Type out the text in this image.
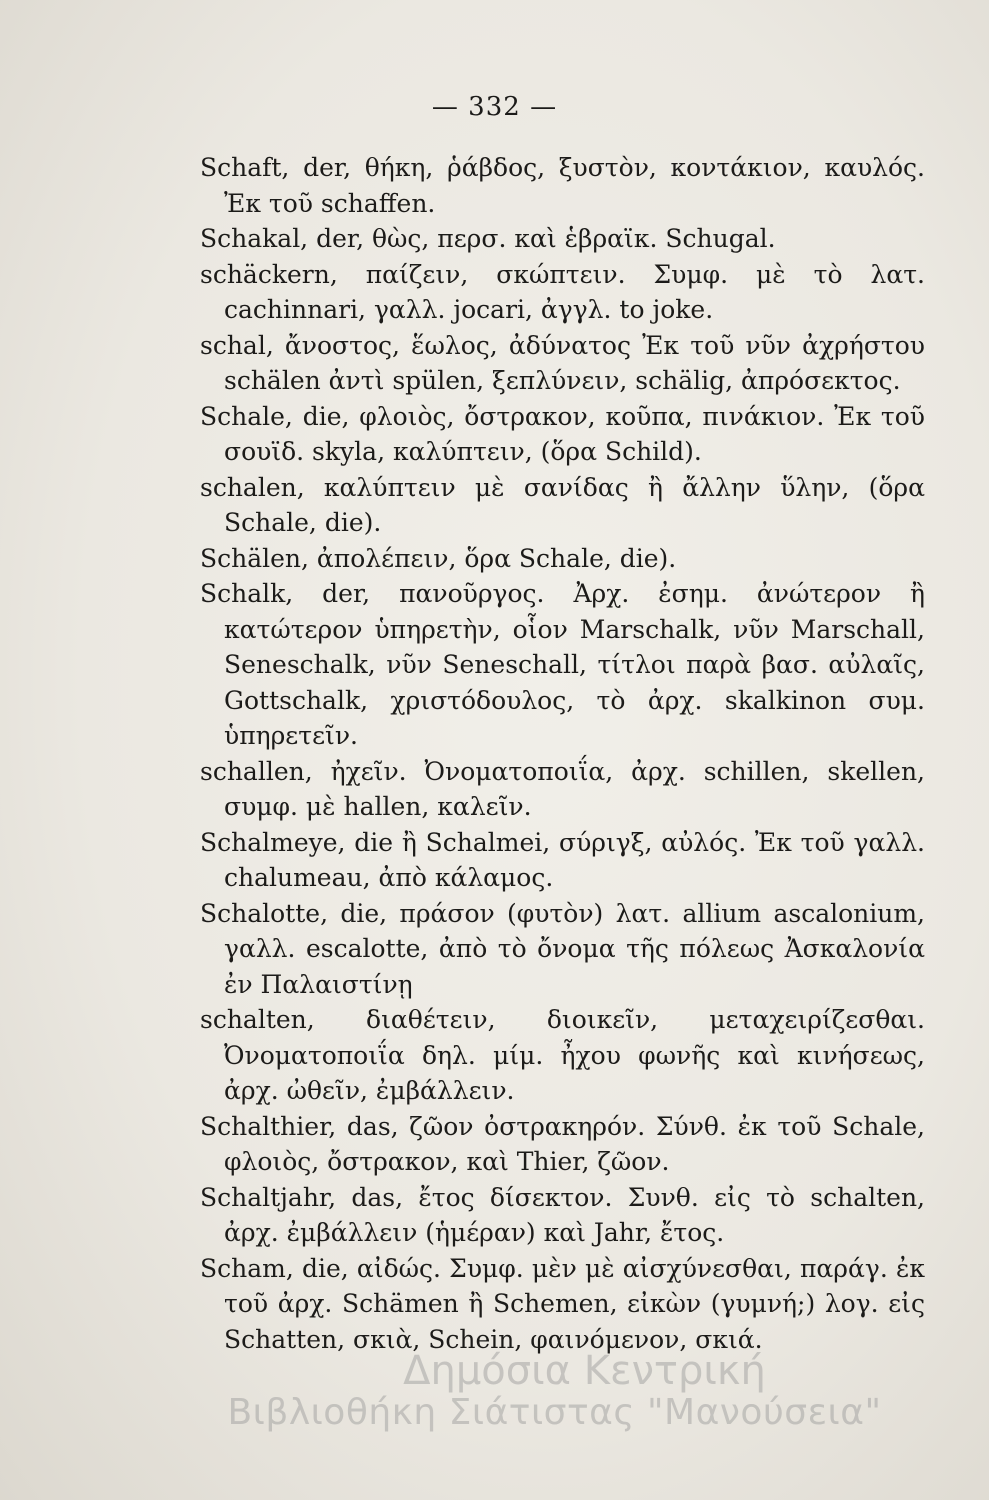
— 332 —

Schaft, der, θήκη, ῥάβδος, ξυστὸν, κοντάκιον, καυλός. Ἐκ τοῦ schaffen.

Schakal, der, θὼς, περσ. καὶ ἑβραϊκ. Schugal.

schäckern, παίζειν, σκώπτειν. Συμφ. μὲ τὸ λατ. cachinnari, γαλλ. jocari, ἀγγλ. to joke.

schal, ἄνοστος, ἕωλος, ἀδύνατος Ἐκ τοῦ νῦν ἀχρήστου schälen ἀντὶ spülen, ξεπλύνειν, schälig, ἀπρόσεκτος.

Schale, die, φλοιὸς, ὄστρακον, κοῦπα, πινάκιον. Ἐκ τοῦ σουϊδ. skyla, καλύπτειν, (ὅρα Schild).

schalen, καλύπτειν μὲ σανίδας ἢ ἄλλην ὕλην, (ὅρα Schale, die).

Schälen, ἀπολέπειν, ὅρα Schale, die).

Schalk, der, πανοῦργος. Ἀρχ. ἐσημ. ἀνώτερον ἢ κατώτερον ὑπηρετὴν, οἷον Marschalk, νῦν Marschall, Seneschalk, νῦν Seneschall, τίτλοι παρὰ βασ. αὐλαῖς, Gottschalk, χριστόδουλος, τὸ ἀρχ. skalkinon συμ. ὑπηρετεῖν.

schallen, ἠχεῖν. Ὀνοματοποιΐα, ἀρχ. schillen, skellen, συμφ. μὲ hallen, καλεῖν.

Schalmeye, die ἢ Schalmei, σύριγξ, αὐλός. Ἐκ τοῦ γαλλ. chalumeau, ἀπὸ κάλαμος.

Schalotte, die, πράσον (φυτὸν) λατ. allium ascalonium, γαλλ. escalotte, ἀπὸ τὸ ὄνομα τῆς πόλεως Ἀσκαλονία ἐν Παλαιστίνῃ

schalten, διαθέτειν, διοικεῖν, μεταχειρίζεσθαι. Ὀνοματοποιΐα δηλ. μίμ. ἦχου φωνῆς καὶ κινήσεως, ἀρχ. ὠθεῖν, ἐμβάλλειν.

Schalthier, das, ζῶον ὀστρακηρόν. Σύνθ. ἐκ τοῦ Schale, φλοιὸς, ὄστρακον, καὶ Thier, ζῶον.

Schaltjahr, das, ἔτος δίσεκτον. Συνθ. εἰς τὸ schalten, ἀρχ. ἐμβάλλειν (ἡμέραν) καὶ Jahr, ἔτος.

Scham, die, αἰδώς. Συμφ. μὲν μὲ αἰσχύνεσθαι, παράγ. ἐκ τοῦ ἀρχ. Schämen ἢ Schemen, εἰκὼν (γυμνή;) λογ. εἰς Schatten, σκιὰ, Schein, φαινόμενον, σκιά.

Δημόσια Κεντρική
Βιβλιοθήκη Σιάτιστας "Μανούσεια"
